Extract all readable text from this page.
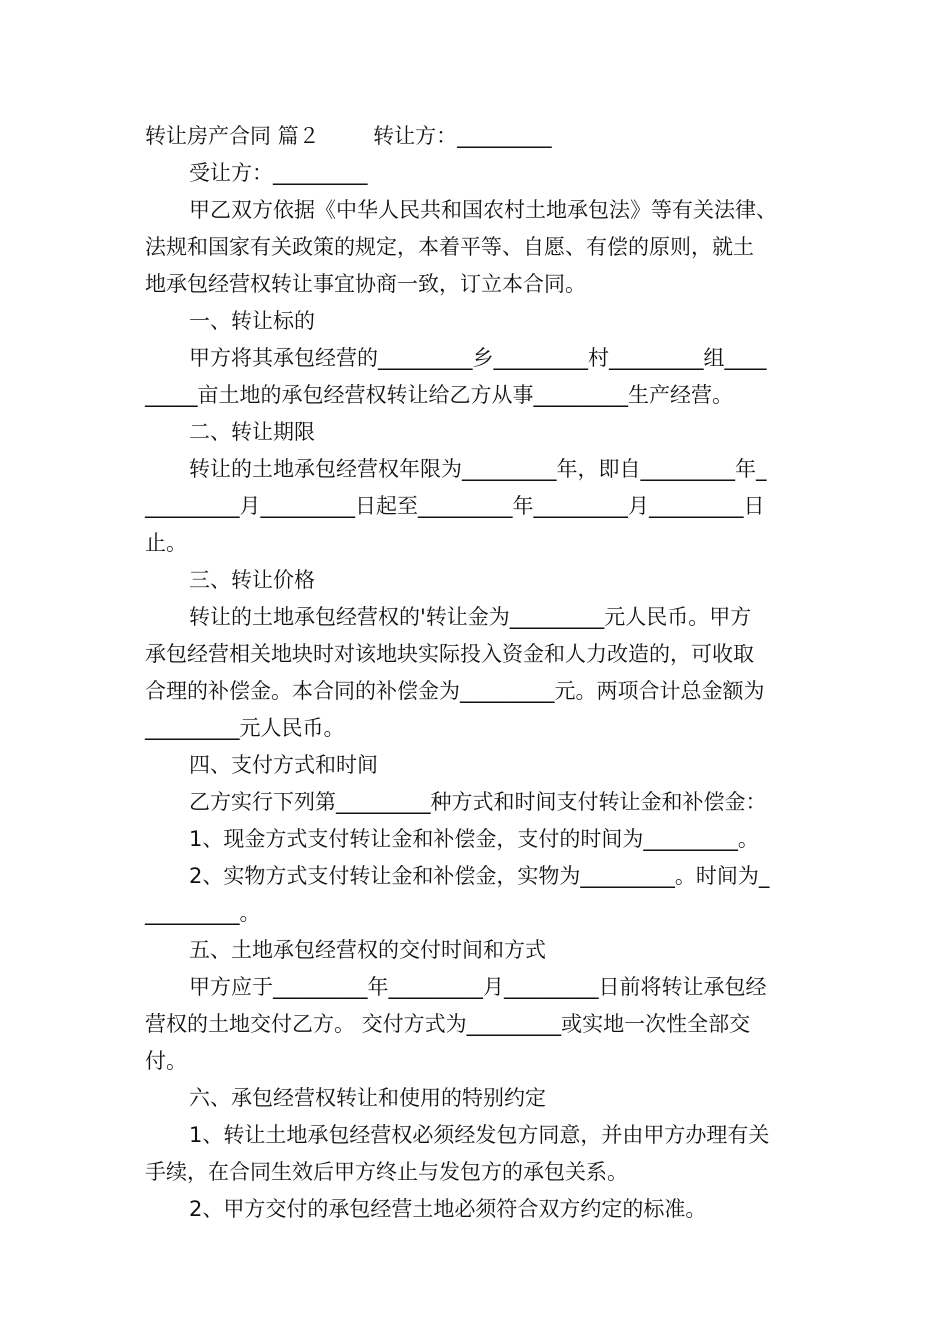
转让房产合同 篇２        转让方：_________
受让方：_________
甲乙双方依据《中华人民共和国农村土地承包法》等有关法律、
法规和国家有关政策的规定，本着平等、自愿、有偿的原则，就土
地承包经营权转让事宜协商一致，订立本合同。
一、转让标的
甲方将其承包经营的_________乡_________村_________组____
_____亩土地的承包经营权转让给乙方从事_________生产经营。
二、转让期限
转让的土地承包经营权年限为_________年，即自_________年_
_________月_________日起至_________年_________月_________日
止。
三、转让价格
转让的土地承包经营权的'转让金为_________元人民币。甲方
承包经营相关地块时对该地块实际投入资金和人力改造的，可收取
合理的补偿金。本合同的补偿金为_________元。两项合计总金额为
_________元人民币。
四、支付方式和时间
乙方实行下列第_________种方式和时间支付转让金和补偿金：
1、现金方式支付转让金和补偿金，支付的时间为_________。
2、实物方式支付转让金和补偿金，实物为_________。时间为_
_________。
五、土地承包经营权的交付时间和方式
甲方应于_________年_________月_________日前将转让承包经
营权的土地交付乙方。 交付方式为_________或实地一次性全部交
付。
六、承包经营权转让和使用的特别约定
1、转让土地承包经营权必须经发包方同意，并由甲方办理有关
手续，在合同生效后甲方终止与发包方的承包关系。
2、甲方交付的承包经营土地必须符合双方约定的标准。
